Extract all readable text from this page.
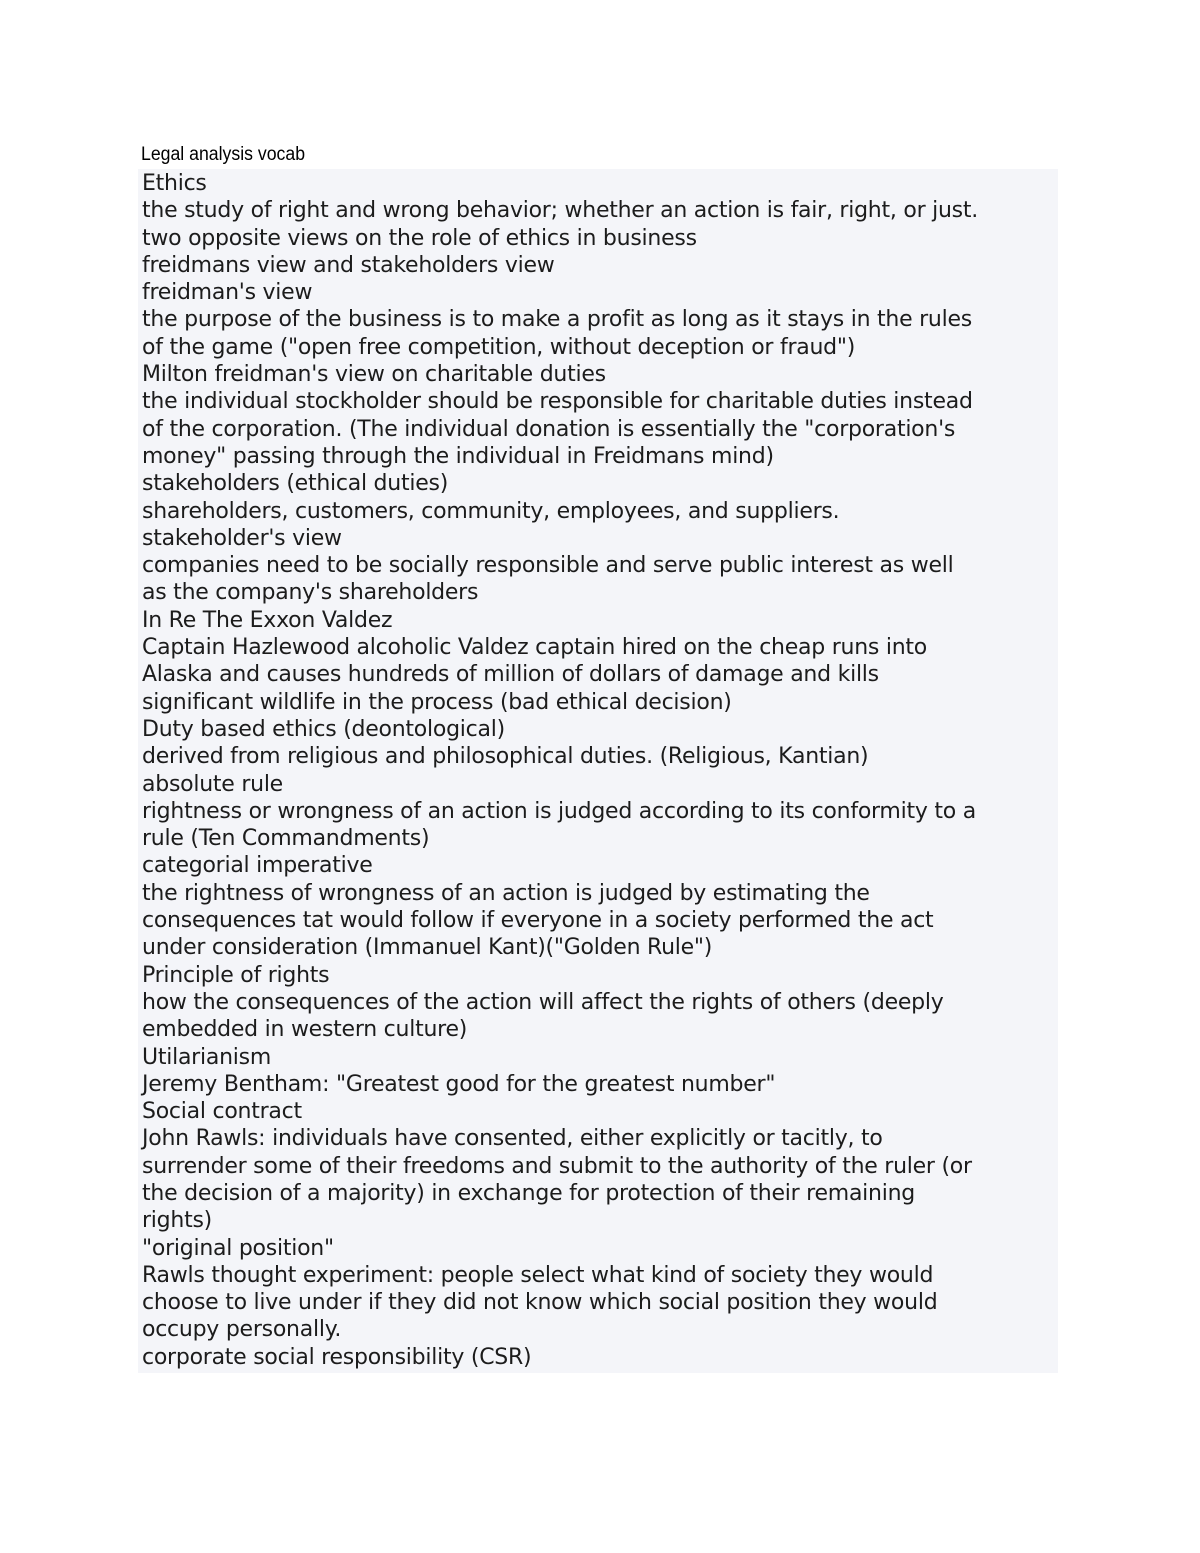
Legal analysis vocab
Ethics
the study of right and wrong behavior; whether an action is fair, right, or just.
two opposite views on the role of ethics in business
freidmans view and stakeholders view
freidman's view
the purpose of the business is to make a profit as long as it stays in the rules
of the game ("open free competition, without deception or fraud")
Milton freidman's view on charitable duties
the individual stockholder should be responsible for charitable duties instead
of the corporation. (The individual donation is essentially the "corporation's
money" passing through the individual in Freidmans mind)
stakeholders (ethical duties)
shareholders, customers, community, employees, and suppliers.
stakeholder's view
companies need to be socially responsible and serve public interest as well
as the company's shareholders
In Re The Exxon Valdez
Captain Hazlewood alcoholic Valdez captain hired on the cheap runs into
Alaska and causes hundreds of million of dollars of damage and kills
significant wildlife in the process (bad ethical decision)
Duty based ethics (deontological)
derived from religious and philosophical duties. (Religious, Kantian)
absolute rule
rightness or wrongness of an action is judged according to its conformity to a
rule (Ten Commandments)
categorial imperative
the rightness of wrongness of an action is judged by estimating the
consequences tat would follow if everyone in a society performed the act
under consideration (Immanuel Kant)("Golden Rule")
Principle of rights
how the consequences of the action will affect the rights of others (deeply
embedded in western culture)
Utilarianism
Jeremy Bentham: "Greatest good for the greatest number"
Social contract
John Rawls: individuals have consented, either explicitly or tacitly, to
surrender some of their freedoms and submit to the authority of the ruler (or
the decision of a majority) in exchange for protection of their remaining
rights)
"original position"
Rawls thought experiment: people select what kind of society they would
choose to live under if they did not know which social position they would
occupy personally.
corporate social responsibility (CSR)
